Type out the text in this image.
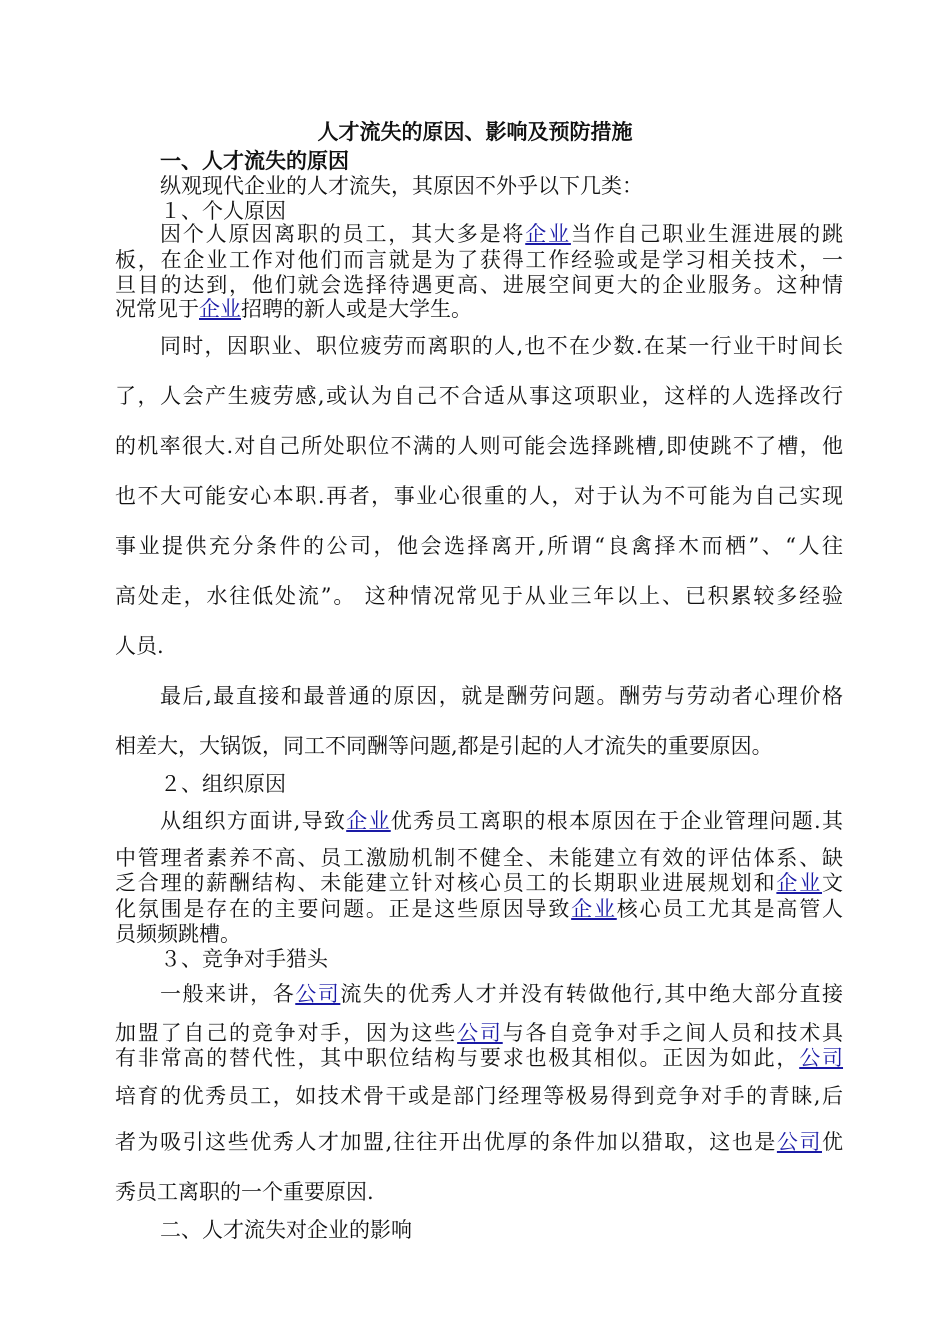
人才流失的原因、影响及预防措施
一、人才流失的原因
纵观现代企业的人才流失，其原因不外乎以下几类：
１、个人原因
因个人原因离职的员工，其大多是将企业当作自己职业生涯进展的跳
板，在企业工作对他们而言就是为了获得工作经验或是学习相关技术，一
旦目的达到，他们就会选择待遇更高、进展空间更大的企业服务。这种情
况常见于企业招聘的新人或是大学生。
同时，因职业、职位疲劳而离职的人,也不在少数.在某一行业干时间长
了，人会产生疲劳感,或认为自己不合适从事这项职业，这样的人选择改行
的机率很大.对自己所处职位不满的人则可能会选择跳槽,即使跳不了槽，他
也不大可能安心本职.再者，事业心很重的人，对于认为不可能为自己实现
事业提供充分条件的公司，他会选择离开,所谓“良禽择木而栖”、“人往
高处走，水往低处流”。 这种情况常见于从业三年以上、已积累较多经验
人员.
最后,最直接和最普通的原因，就是酬劳问题。酬劳与劳动者心理价格
相差大，大锅饭，同工不同酬等问题,都是引起的人才流失的重要原因。
２、组织原因
从组织方面讲,导致企业优秀员工离职的根本原因在于企业管理问题.其
中管理者素养不高、员工激励机制不健全、未能建立有效的评估体系、缺
乏合理的薪酬结构、未能建立针对核心员工的长期职业进展规划和企业文
化氛围是存在的主要问题。正是这些原因导致企业核心员工尤其是高管人
员频频跳槽。
３、竞争对手猎头
一般来讲，各公司流失的优秀人才并没有转做他行,其中绝大部分直接
加盟了自己的竞争对手，因为这些公司与各自竞争对手之间人员和技术具
有非常高的替代性，其中职位结构与要求也极其相似。正因为如此，公司
培育的优秀员工，如技术骨干或是部门经理等极易得到竞争对手的青睐,后
者为吸引这些优秀人才加盟,往往开出优厚的条件加以猎取，这也是公司优
秀员工离职的一个重要原因.
二、人才流失对企业的影响
